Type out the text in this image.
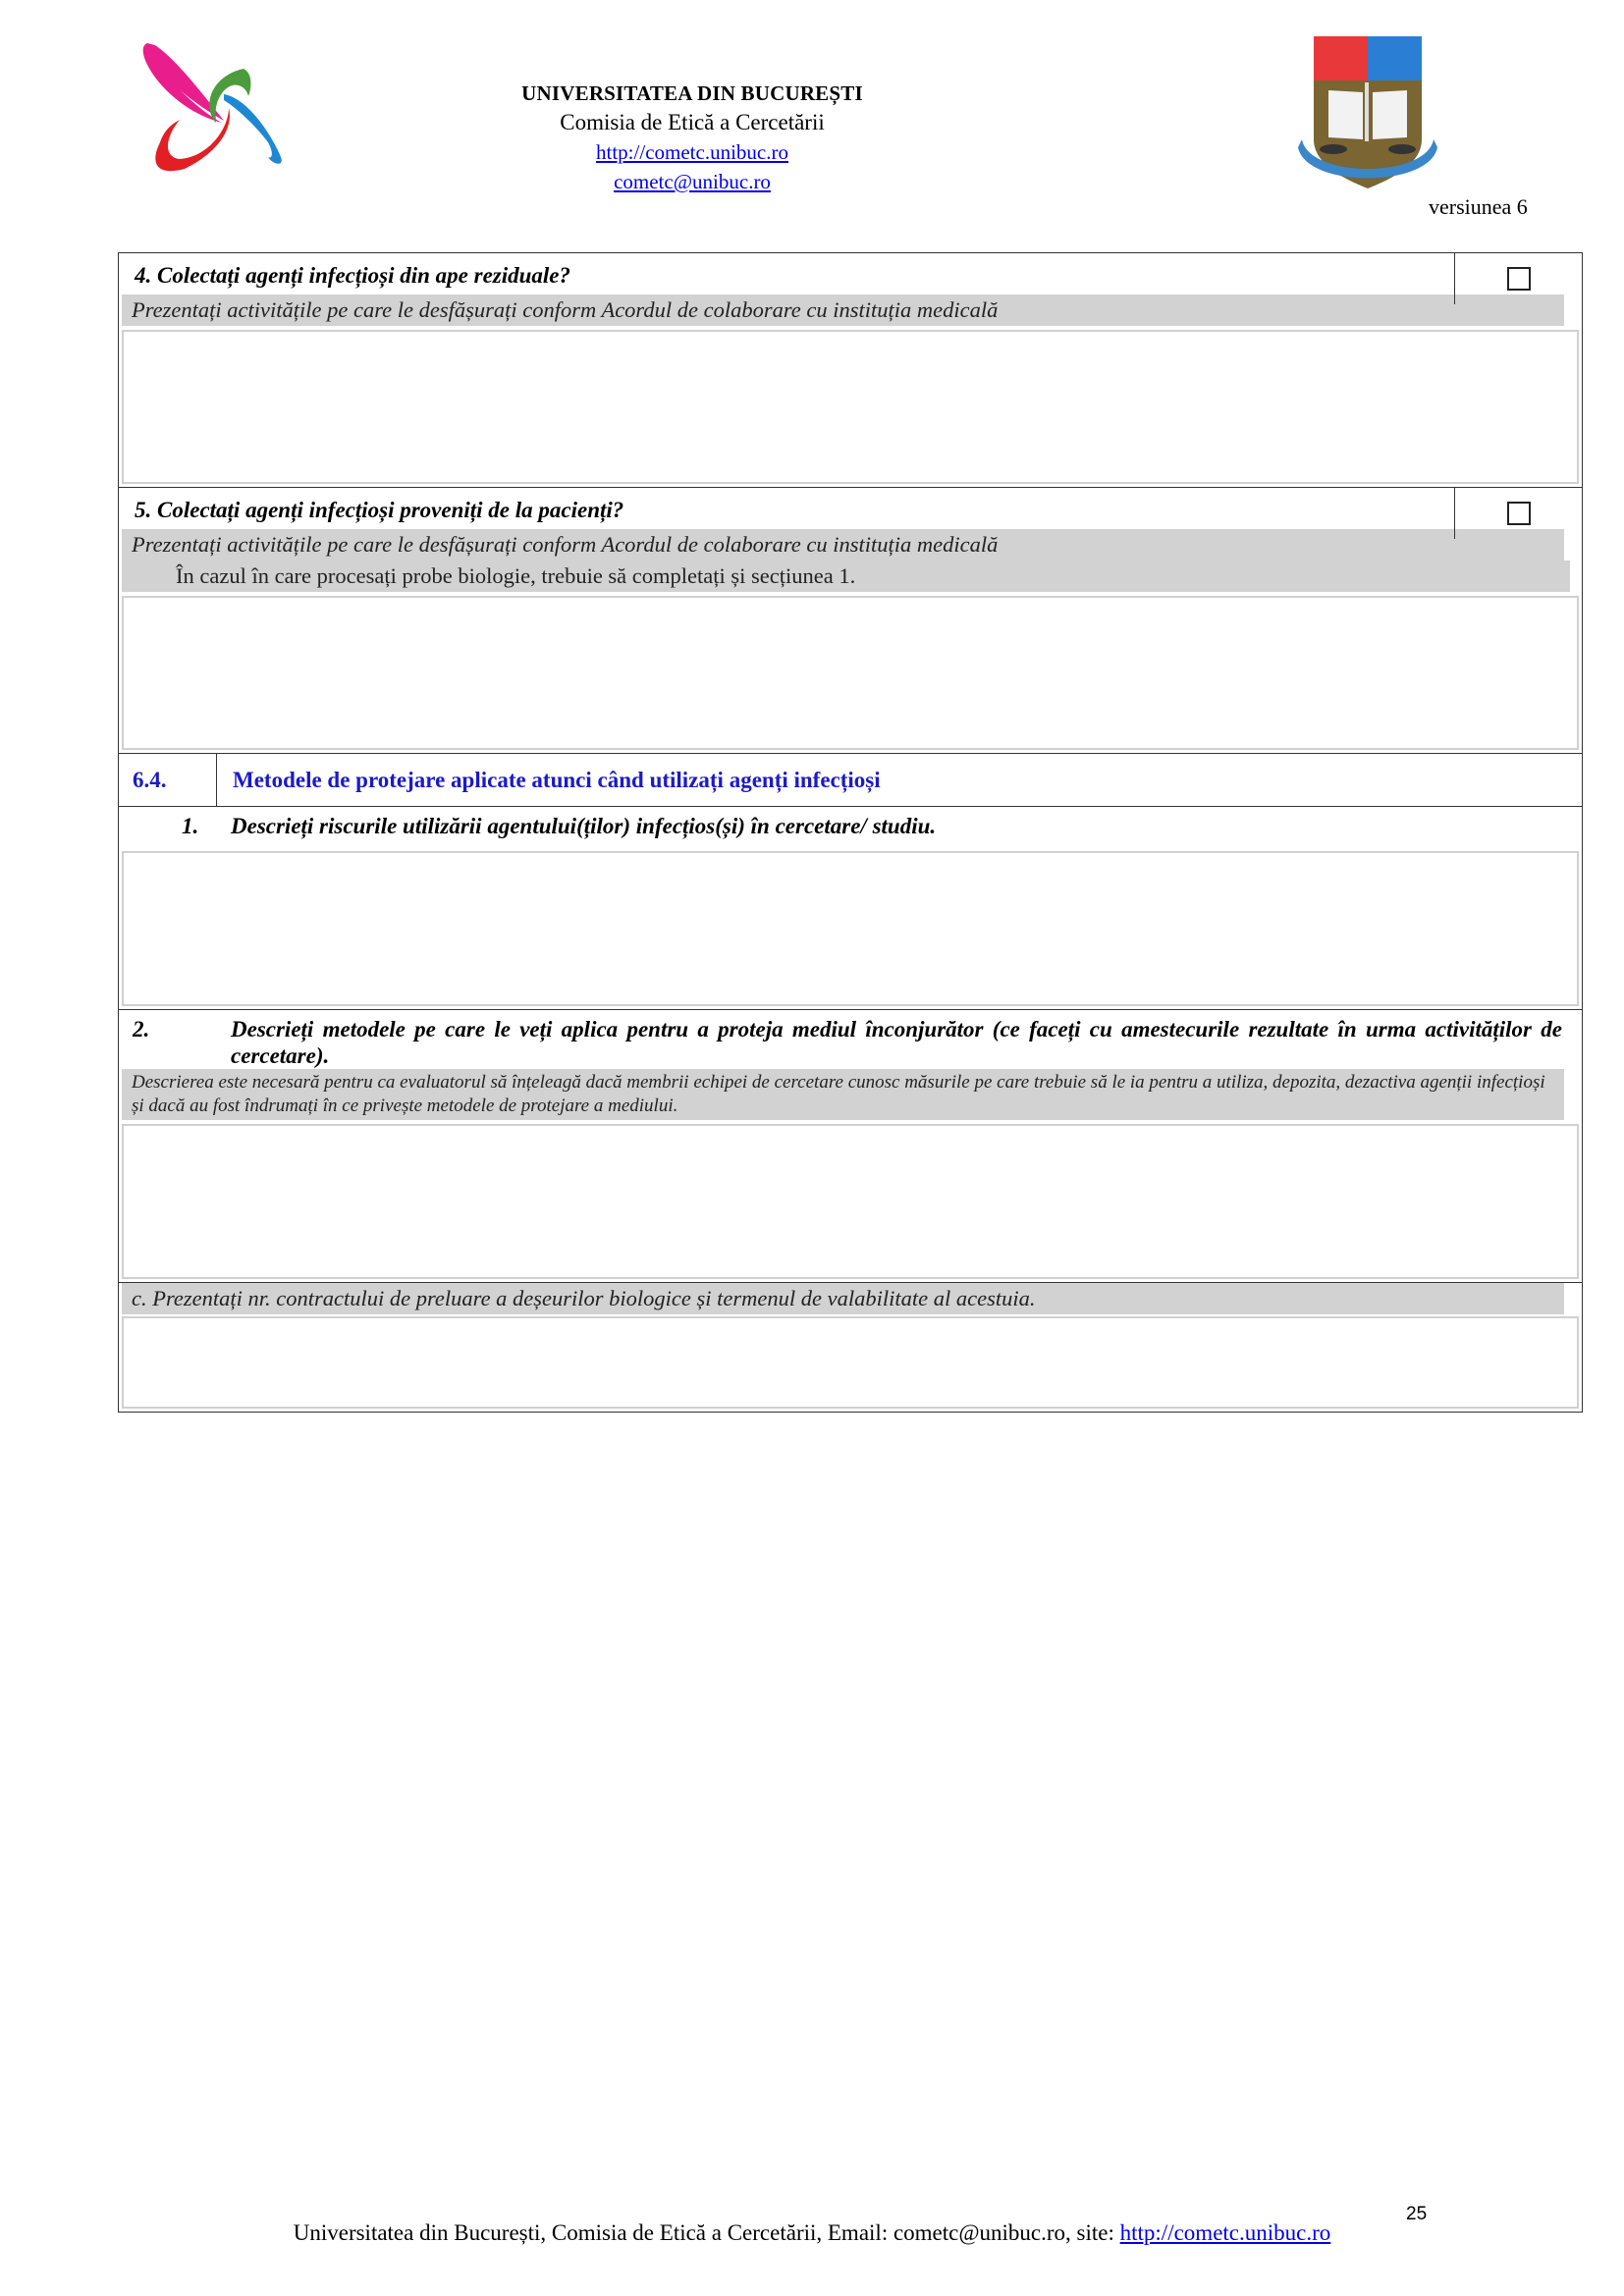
UNIVERSITATEA DIN BUCUREȘTI
Comisia de Etică a Cercetării
http://cometc.unibuc.ro
cometc@unibuc.ro
versiunea 6
4. Colectați agenți infecțioși din ape reziduale?
Prezentați activitățile pe care le desfășurați conform Acordul de colaborare cu instituția medicală
5. Colectați agenți infecțioși proveniți de la pacienți?
Prezentați activitățile pe care le desfășurați conform Acordul de colaborare cu instituția medicală
În cazul în care procesați probe biologie, trebuie să completați și secțiunea 1.
6.4.	Metodele de protejare aplicate atunci când utilizați agenți infecțioși
1. Descrieți riscurile utilizării agentului(ților) infecțios(și) în cercetare/ studiu.
2.	Descrieți metodele pe care le veți aplica pentru a proteja mediul înconjurător (ce faceți cu amestecurile rezultate în urma activităților de cercetare).
Descrierea este necesară pentru ca evaluatorul să înțeleagă dacă membrii echipei de cercetare cunosc măsurile pe care trebuie să le ia pentru a utiliza, depozita, dezactiva agenții infecțioși și dacă au fost îndrumați în ce privește metodele de protejare a mediului.
c. Prezentați nr. contractului de preluare a deșeurilor biologice și termenul de valabilitate al acestuia.
25
Universitatea din București, Comisia de Etică a Cercetării, Email: cometc@unibuc.ro, site: http://cometc.unibuc.ro
